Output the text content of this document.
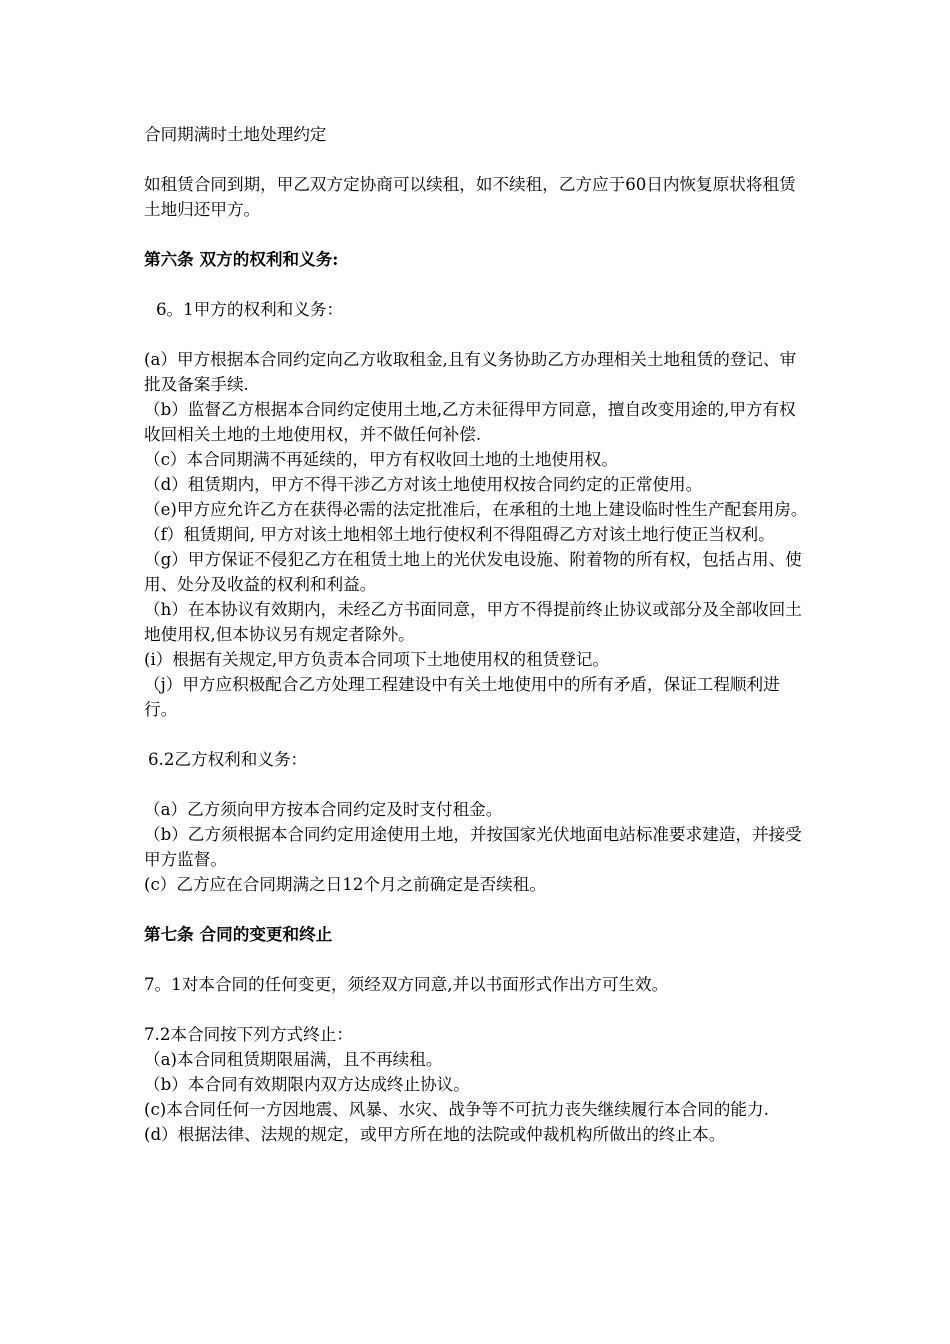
合同期满时土地处理约定

如租赁合同到期，甲乙双方定协商可以续租，如不续租，乙方应于60日内恢复原状将租赁土地归还甲方。

第六条 双方的权利和义务:

6。1甲方的权利和义务：

(a）甲方根据本合同约定向乙方收取租金,且有义务协助乙方办理相关土地租赁的登记、审批及备案手续.

（b）监督乙方根据本合同约定使用土地,乙方未征得甲方同意，擅自改变用途的,甲方有权收回相关土地的土地使用权，并不做任何补偿.

（c）本合同期满不再延续的，甲方有权收回土地的土地使用权。

（d）租赁期内，甲方不得干涉乙方对该土地使用权按合同约定的正常使用。

（e)甲方应允许乙方在获得必需的法定批准后，在承租的土地上建设临时性生产配套用房。

（f）租赁期间, 甲方对该土地相邻土地行使权利不得阻碍乙方对该土地行使正当权利。

（g）甲方保证不侵犯乙方在租赁土地上的光伏发电设施、附着物的所有权，包括占用、使用、处分及收益的权利和利益。

（h）在本协议有效期内，未经乙方书面同意，甲方不得提前终止协议或部分及全部收回土地使用权,但本协议另有规定者除外。

(i）根据有关规定,甲方负责本合同项下土地使用权的租赁登记。

（j）甲方应积极配合乙方处理工程建设中有关土地使用中的所有矛盾，保证工程顺利进行。

6.2乙方权利和义务：

（a）乙方须向甲方按本合同约定及时支付租金。

（b）乙方须根据本合同约定用途使用土地，并按国家光伏地面电站标准要求建造，并接受甲方监督。

(c）乙方应在合同期满之日12个月之前确定是否续租。

第七条 合同的变更和终止

7。1对本合同的任何变更，须经双方同意,并以书面形式作出方可生效。

7.2本合同按下列方式终止：

（a)本合同租赁期限届满，且不再续租。

（b）本合同有效期限内双方达成终止协议。

(c)本合同任何一方因地震、风暴、水灾、战争等不可抗力丧失继续履行本合同的能力.

(d）根据法律、法规的规定，或甲方所在地的法院或仲裁机构所做出的终止本。
